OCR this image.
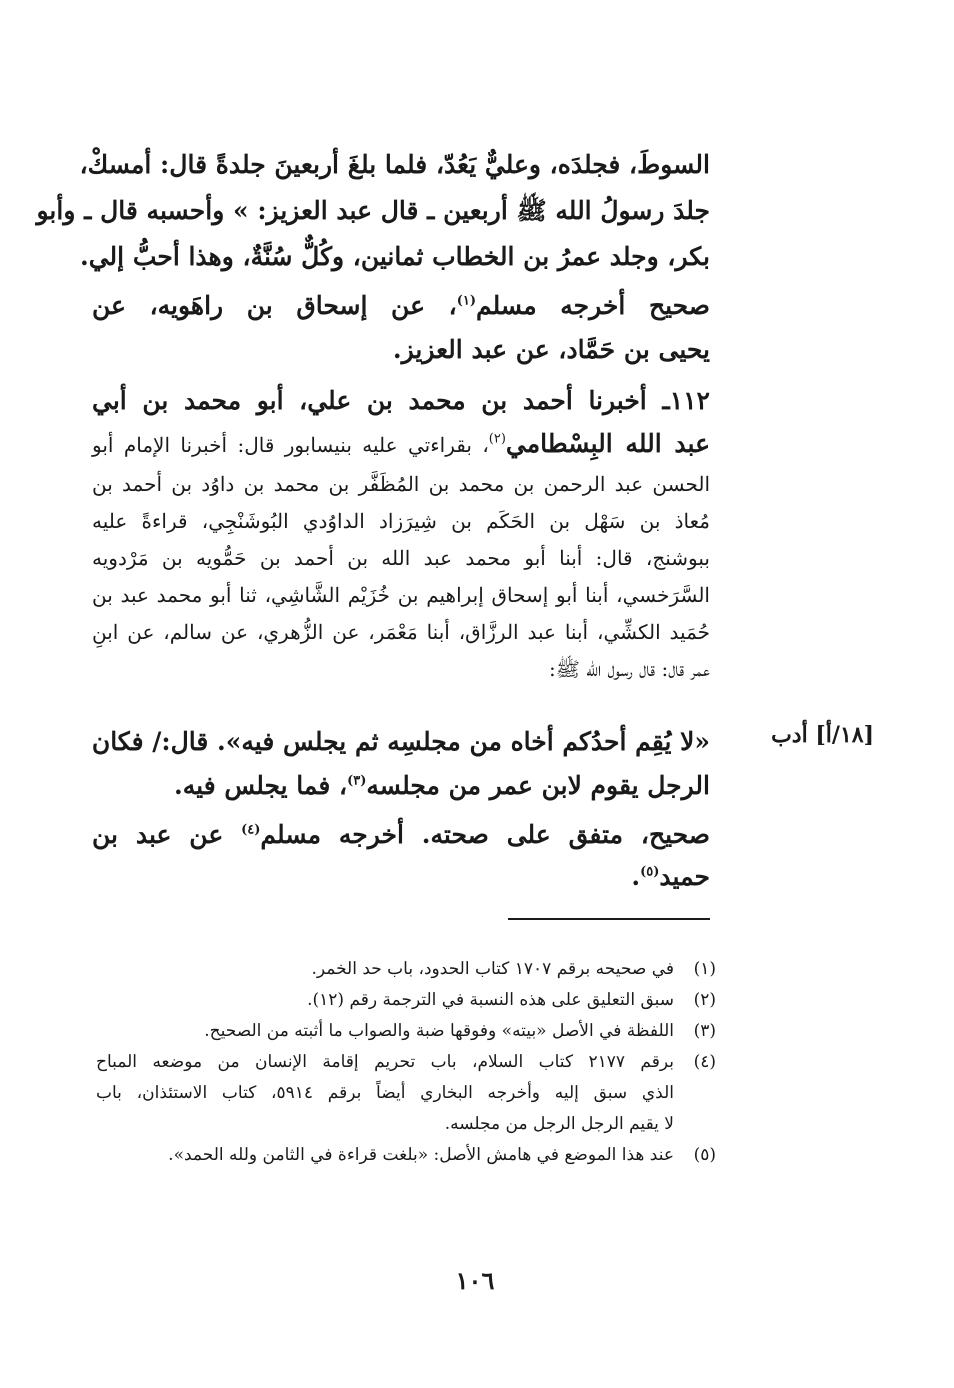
السوطَ، فجلدَه، وعليٌّ يَعُدّ، فلما بلغَ أربعينَ جلدةً قال: أمسكْ،
جلدَ رسولُ الله ﷺ أربعين ـ قال عبد العزيز: » وأحسبه قال ـ وأبو
بكر، وجلد عمرُ بن الخطاب ثمانين، وكُلٌّ سُنَّةٌ، وهذا أحبُّ إلي.
صحيح أخرجه مسلم$^{(١)}$، عن إسحاق بن راهَويه، عن
يحيى بن حَمَّاد، عن عبد العزيز.
١١٢ـ أخبرنا أحمد بن محمد بن علي، أبو محمد بن أبي
عبد الله البِسْطامي$^{(٢)}$، بقراءتي عليه بنيسابور قال: أخبرنا الإمام أبو
الحسن عبد الرحمن بن محمد بن المُظَفَّر بن محمد بن داوُد بن أحمد بن
مُعاذ بن سَهْل بن الحَكَم بن شِيرَزاد الداوُدي البُوشَنْجِي، قراءةً عليه
ببوشنج، قال: أبنا أبو محمد عبد الله بن أحمد بن حَمُّويه بن مَرْدويه
السَّرَخسي، أبنا أبو إسحاق إبراهيم بن خُزَيْم الشَّاشِي، ثنا أبو محمد عبد بن
حُمَيد الكشِّي، أبنا عبد الرزَّاق، أبنا مَعْمَر، عن الزُّهري، عن سالم، عن ابنِ
عمر قال: قال رسول الله ﷺ:
[١٨/أ] أدب
«لا يُقِم أحدُكم أخاه من مجلسِه ثم يجلس فيه». قال:/ فكان
الرجل يقوم لابن عمر من مجلسه$^{(٣)}$، فما يجلس فيه.
صحيح، متفق على صحته. أخرجه مسلم$^{(٤)}$ عن عبد بن
حميد$^{(٥)}$.
(١)
في صحيحه برقم ١٧٠٧ كتاب الحدود، باب حد الخمر.
(٢)
سبق التعليق على هذه النسبة في الترجمة رقم (١٢).
(٣)
اللفظة في الأصل «بيته» وفوقها ضبة والصواب ما أثبته من الصحيح.
(٤)
برقم ٢١٧٧ كتاب السلام، باب تحريم إقامة الإنسان من موضعه المباح
الذي سبق إليه وأخرجه البخاري أيضاً برقم ٥٩١٤، كتاب الاستئذان، باب
لا يقيم الرجل الرجل من مجلسه.
(٥)
عند هذا الموضع في هامش الأصل: «بلغت قراءة في الثامن ولله الحمد».
١٠٦
